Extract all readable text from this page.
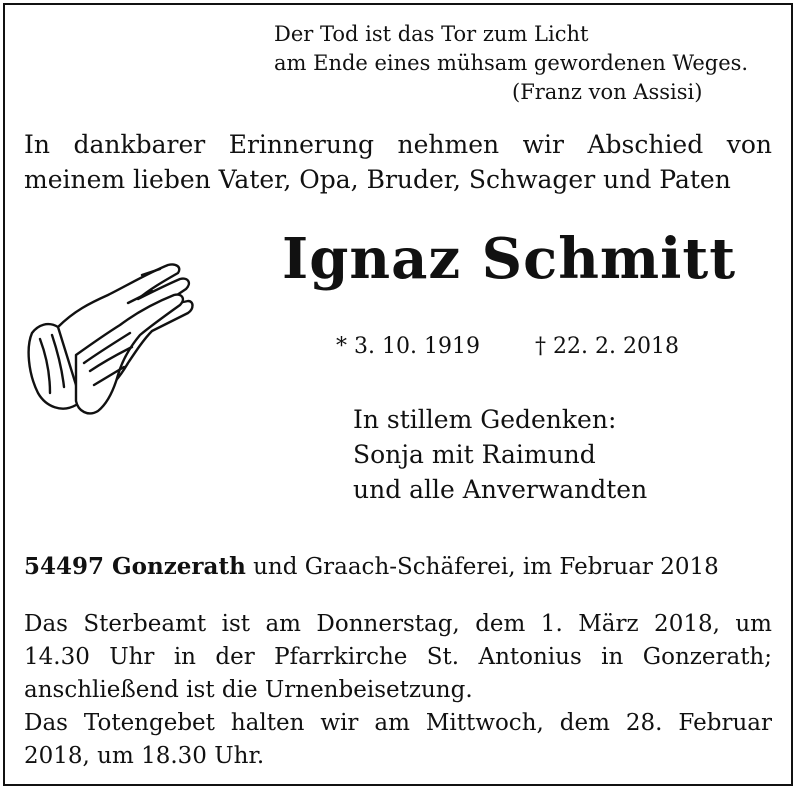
Der Tod ist das Tor zum Licht
am Ende eines mühsam gewordenen Weges.
(Franz von Assisi)
In dankbarer Erinnerung nehmen wir Abschied von
meinem lieben Vater, Opa, Bruder, Schwager und Paten
Ignaz Schmitt
* 3. 10. 1919	† 22. 2. 2018
In stillem Gedenken:
Sonja mit Raimund
und alle Anverwandten
54497 Gonzerath und Graach-Schäferei, im Februar 2018
Das Sterbeamt ist am Donnerstag, dem 1. März 2018, um
14.30 Uhr in der Pfarrkirche St. Antonius in Gonzerath;
anschließend ist die Urnenbeisetzung.
Das Totengebet halten wir am Mittwoch, dem 28. Februar
2018, um 18.30 Uhr.
